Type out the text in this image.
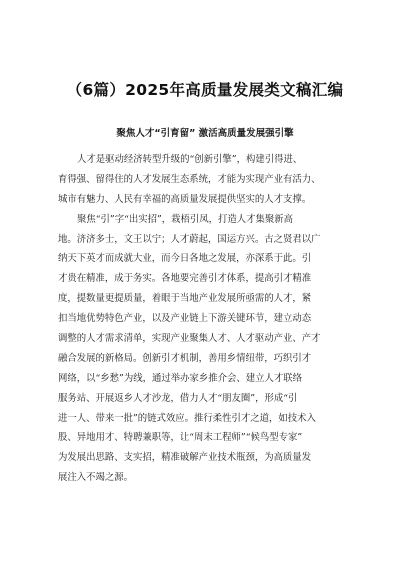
（6篇）2025年高质量发展类文稿汇编
聚焦人才“引育留” 激活高质量发展强引擎
人才是驱动经济转型升级的“创新引擎”，构建引得进、
育得强、留得住的人才发展生态系统，才能为实现产业有活力、
城市有魅力、人民有幸福的高质量发展提供坚实的人才支撑。
聚焦“引”字“出实招”，栽梧引凤，打造人才集聚新高
地。济济多士，文王以宁；人才蔚起，国运方兴。古之贤君以广
纳天下英才而成就大业，而今日各地之发展，亦深系于此。引
才贵在精准，成于务实。各地要完善引才体系，提高引才精准
度，提数量更提质量，着眼于当地产业发展所亟需的人才，紧
扣当地优势特色产业，以及产业链上下游关键环节，建立动态
调整的人才需求清单，实现产业聚集人才、人才驱动产业、产才
融合发展的新格局。创新引才机制，善用乡情纽带，巧织引才
网络，以“乡愁”为线，通过举办家乡推介会、建立人才联络
服务站、开展返乡人才沙龙，借力人才“朋友圈”，形成“引
进一人、带来一批”的链式效应。推行柔性引才之道，如技术入
股、异地用才、特聘兼职等，让“周末工程师”“候鸟型专家”
为发展出思路、支实招，精准破解产业技术瓶颈，为高质量发
展注入不竭之源。
